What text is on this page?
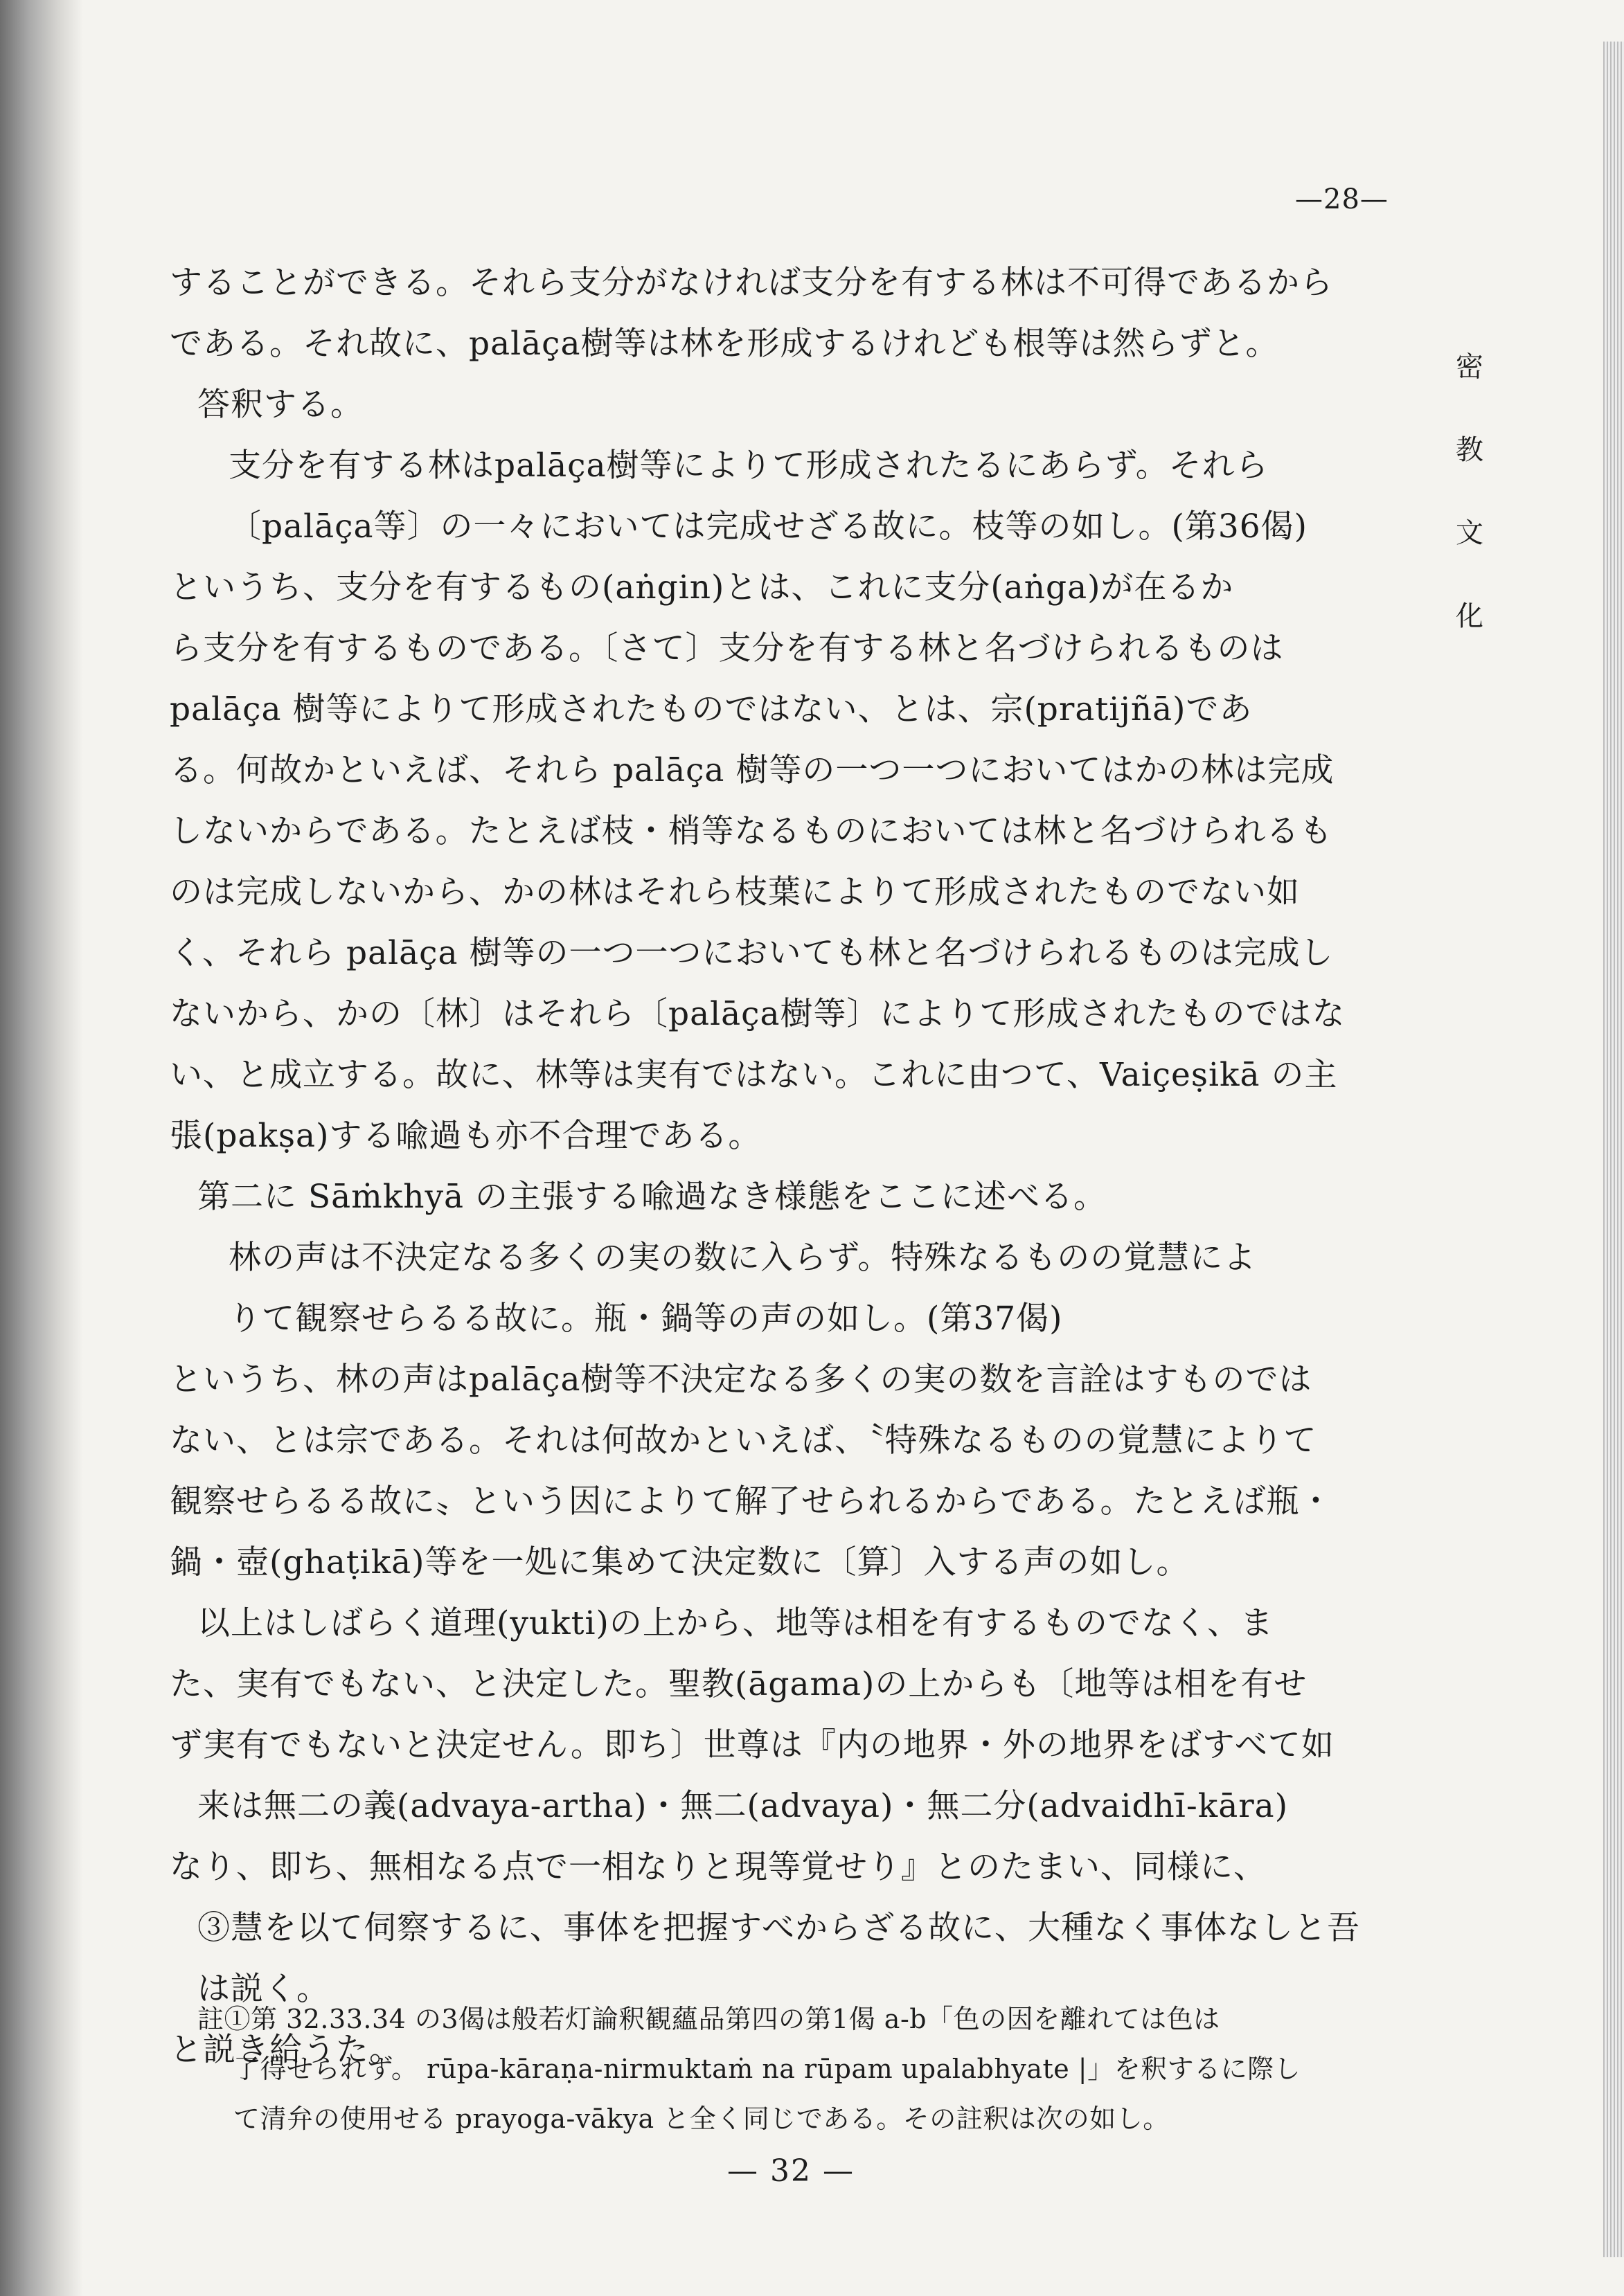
—28—
密
教
文
化
することができる。それら支分がなければ支分を有する林は不可得であるから
である。それ故に、palāça樹等は林を形成するけれども根等は然らずと。
答釈する。
支分を有する林はpalāça樹等によりて形成されたるにあらず。それら
〔palāça等〕の一々においては完成せざる故に。枝等の如し。(第36偈)
というち、支分を有するもの(aṅgin)とは、これに支分(aṅga)が在るか
ら支分を有するものである。〔さて〕支分を有する林と名づけられるものは
palāça 樹等によりて形成されたものではない、とは、宗(pratijñā)であ
る。何故かといえば、それら palāça 樹等の一つ一つにおいてはかの林は完成
しないからである。たとえば枝・梢等なるものにおいては林と名づけられるも
のは完成しないから、かの林はそれら枝葉によりて形成されたものでない如
く、それら palāça 樹等の一つ一つにおいても林と名づけられるものは完成し
ないから、かの〔林〕はそれら〔palāça樹等〕によりて形成されたものではな
い、と成立する。故に、林等は実有ではない。これに由つて、Vaiçeṣikā の主
張(pakṣa)する喩過も亦不合理である。
第二に Sāṁkhyā の主張する喩過なき様態をここに述べる。
林の声は不決定なる多くの実の数に入らず。特殊なるものの覚慧によ
りて観察せらるる故に。瓶・鍋等の声の如し。(第37偈)
というち、林の声はpalāça樹等不決定なる多くの実の数を言詮はすものでは
ない、とは宗である。それは何故かといえば、〝特殊なるものの覚慧によりて
観察せらるる故に〟という因によりて解了せられるからである。たとえば瓶・
鍋・壺(ghaṭikā)等を一処に集めて決定数に〔算〕入する声の如し。
以上はしばらく道理(yukti)の上から、地等は相を有するものでなく、ま
た、実有でもない、と決定した。聖教(āgama)の上からも〔地等は相を有せ
ず実有でもないと決定せん。即ち〕世尊は『内の地界・外の地界をばすべて如
来は無二の義(advaya-artha)・無二(advaya)・無二分(advaidhī-kāra)
なり、即ち、無相なる点で一相なりと現等覚せり』とのたまい、同様に、
③慧を以て伺察するに、事体を把握すべからざる故に、大種なく事体なしと吾
は説く。
と説き給うた。
註①第 32.33.34 の3偈は般若灯論釈観蘊品第四の第1偈 a-b「色の因を離れては色は
了得せられず。 rūpa-kāraṇa-nirmuktaṁ na rūpam upalabhyate |」を釈するに際し
て清弁の使用せる prayoga-vākya と全く同じである。その註釈は次の如し。
— 32 —
